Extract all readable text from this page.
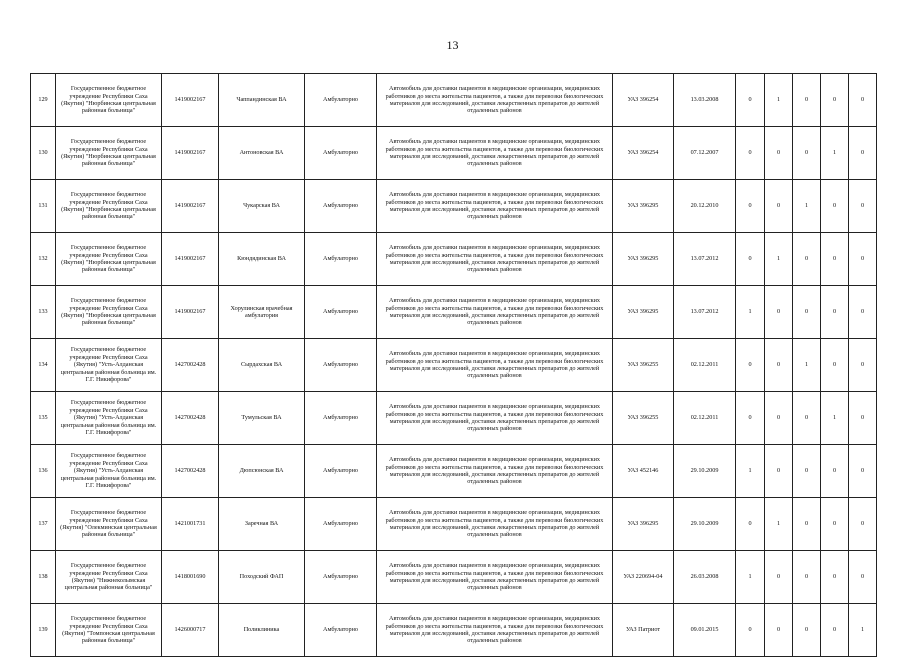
13
129	Государственное бюджетное учреждение Республики Саха (Якутия) "Нюрбинская центральная районная больница"	1419002167	Чаппандинская ВА	Амбулаторно	Автомобиль для доставки пациентов в медицинские организации, медицинских работников до места жительства пациентов, а также для перевозки биологических материалов для исследований, доставки лекарственных препаратов до жителей отдаленных районов	УАЗ 396254	13.03.2008	0	1	0	0	0
130	Государственное бюджетное учреждение Республики Саха (Якутия) "Нюрбинская центральная районная больница"	1419002167	Антоновская ВА	Амбулаторно	Автомобиль для доставки пациентов в медицинские организации, медицинских работников до места жительства пациентов, а также для перевозки биологических материалов для исследований, доставки лекарственных препаратов до жителей отдаленных районов	УАЗ 396254	07.12.2007	0	0	0	1	0
131	Государственное бюджетное учреждение Республики Саха (Якутия) "Нюрбинская центральная районная больница"	1419002167	Чукарская ВА	Амбулаторно	Автомобиль для доставки пациентов в медицинские организации, медицинских работников до места жительства пациентов, а также для перевозки биологических материалов для исследований, доставки лекарственных препаратов до жителей отдаленных районов	УАЗ 396295	20.12.2010	0	0	1	0	0
132	Государственное бюджетное учреждение Республики Саха (Якутия) "Нюрбинская центральная районная больница"	1419002167	Кюндядинская ВА	Амбулаторно	Автомобиль для доставки пациентов в медицинские организации, медицинских работников до места жительства пациентов, а также для перевозки биологических материалов для исследований, доставки лекарственных препаратов до жителей отдаленных районов	УАЗ 396295	13.07.2012	0	1	0	0	0
133	Государственное бюджетное учреждение Республики Саха (Якутия) "Нюрбинская центральная районная больница"	1419002167	Хорулинская врачебная амбулатория	Амбулаторно	Автомобиль для доставки пациентов в медицинские организации, медицинских работников до места жительства пациентов, а также для перевозки биологических материалов для исследований, доставки лекарственных препаратов до жителей отдаленных районов	УАЗ 396295	13.07.2012	1	0	0	0	0
134	Государственное бюджетное учреждение Республики Саха (Якутия) "Усть-Алданская центральная районная больница им. Г.Г. Никифорова"	1427002428	Сырдахская ВА	Амбулаторно	Автомобиль для доставки пациентов в медицинские организации, медицинских работников до места жительства пациентов, а также для перевозки биологических материалов для исследований, доставки лекарственных препаратов до жителей отдаленных районов	УАЗ 396255	02.12.2011	0	0	1	0	0
135	Государственное бюджетное учреждение Республики Саха (Якутия) "Усть-Алданская центральная районная больница им. Г.Г. Никифорова"	1427002428	Тумульская ВА	Амбулаторно	Автомобиль для доставки пациентов в медицинские организации, медицинских работников до места жительства пациентов, а также для перевозки биологических материалов для исследований, доставки лекарственных препаратов до жителей отдаленных районов	УАЗ 396255	02.12.2011	0	0	0	1	0
136	Государственное бюджетное учреждение Республики Саха (Якутия) "Усть-Алданская центральная районная больница им. Г.Г. Никифорова"	1427002428	Дюпсюнская ВА	Амбулаторно	Автомобиль для доставки пациентов в медицинские организации, медицинских работников до места жительства пациентов, а также для перевозки биологических материалов для исследований, доставки лекарственных препаратов до жителей отдаленных районов	УАЗ 452146	29.10.2009	1	0	0	0	0
137	Государственное бюджетное учреждение Республики Саха (Якутия) "Олекминская центральная районная больница"	1421001731	Заречная ВА	Амбулаторно	Автомобиль для доставки пациентов в медицинские организации, медицинских работников до места жительства пациентов, а также для перевозки биологических материалов для исследований, доставки лекарственных препаратов до жителей отдаленных районов	УАЗ 396295	29.10.2009	0	1	0	0	0
138	Государственное бюджетное учреждение Республики Саха (Якутия) "Нижнеколымская центральная районная больница"	1418001690	Походский ФАП	Амбулаторно	Автомобиль для доставки пациентов в медицинские организации, медицинских работников до места жительства пациентов, а также для перевозки биологических материалов для исследований, доставки лекарственных препаратов до жителей отдаленных районов	УАЗ 220694-04	26.03.2008	1	0	0	0	0
139	Государственное бюджетное учреждение Республики Саха (Якутия) "Томпонская центральная районная больница"	1426000717	Поликлиника	Амбулаторно	Автомобиль для доставки пациентов в медицинские организации, медицинских работников до места жительства пациентов, а также для перевозки биологических материалов для исследований, доставки лекарственных препаратов до жителей отдаленных районов	УАЗ Патриот	09.01.2015	0	0	0	0	1
